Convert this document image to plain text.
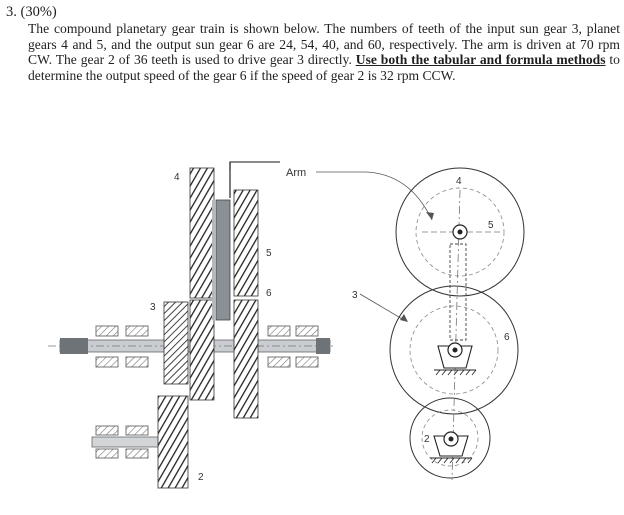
3. (30%)
The compound planetary gear train is shown below. The numbers of teeth of the input sun gear 3, planet gears 4 and 5, and the output sun gear 6 are 24, 54, 40, and 60, respectively. The arm is driven at 70 rpm CW. The gear 2 of 36 teeth is used to drive gear 3 directly. Use both the tabular and formula methods to determine the output speed of the gear 6 if the speed of gear 2 is 32 rpm CCW.
4
5
6
3
2
Arm
4
5
3
6
2
